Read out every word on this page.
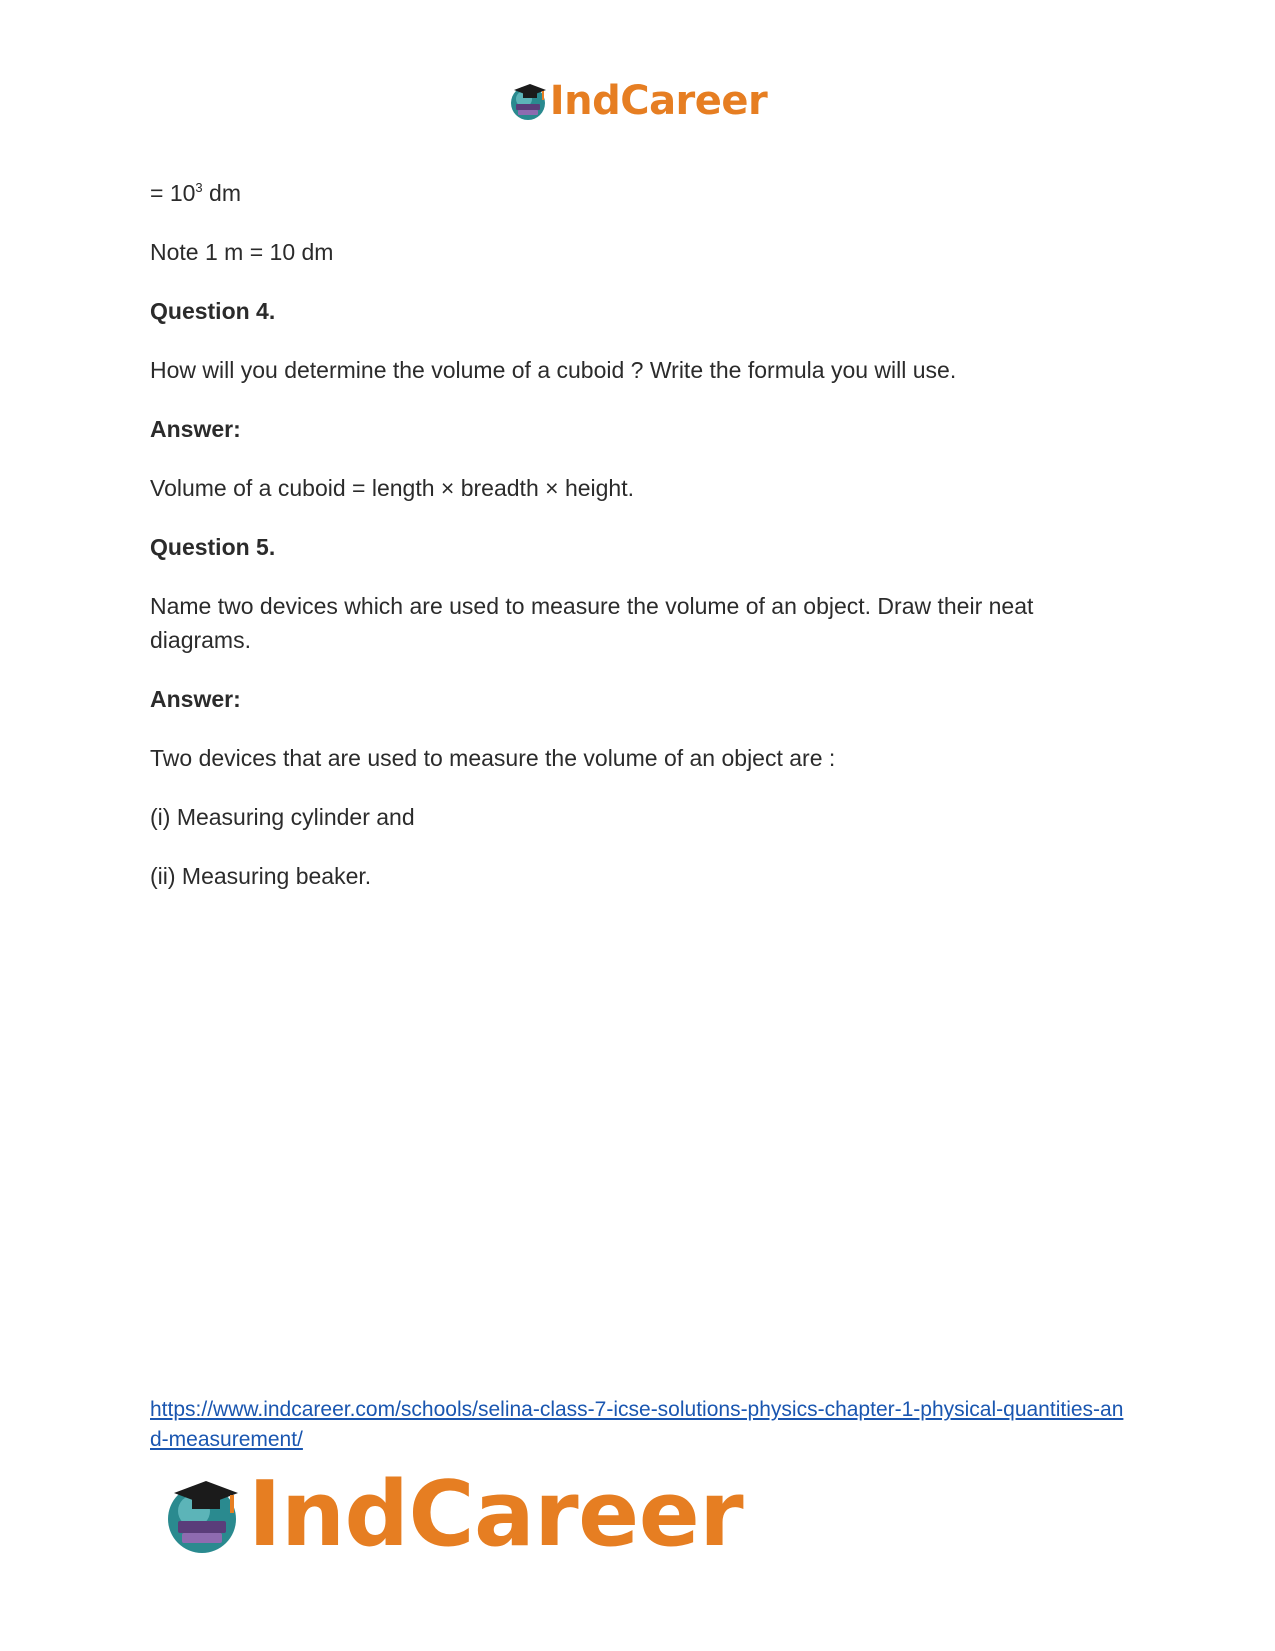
IndCareer

= $10^3$ dm

Note 1 m = 10 dm

Question 4.

How will you determine the volume of a cuboid ? Write the formula you will use.

Answer:

Volume of a cuboid = length × breadth × height.

Question 5.

Name two devices which are used to measure the volume of an object. Draw their neat diagrams.

Answer:

Two devices that are used to measure the volume of an object are :

(i) Measuring cylinder and

(ii) Measuring beaker.

https://www.indcareer.com/schools/selina-class-7-icse-solutions-physics-chapter-1-physical-quantities-and-measurement/
IndCareer
